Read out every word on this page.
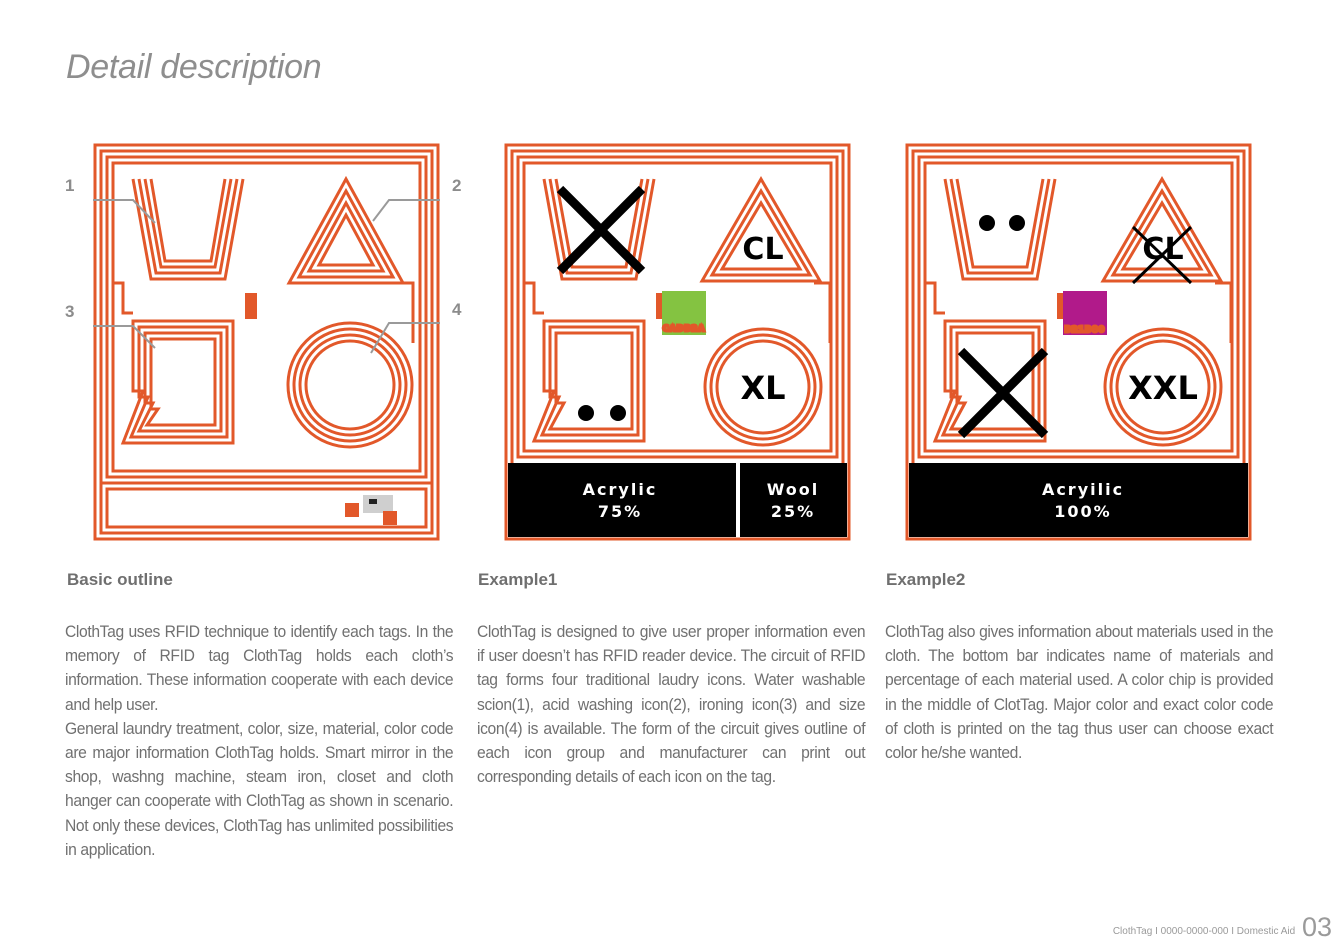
Detail description
1	2
3	4
CL
XL
CADB2A
Acrylic
75%
Wool
25%
CL
XXL
B21B80
Acryilic
100%
Basic outline

ClothTag uses RFID technique to identify each tags. In the memory of RFID tag ClothTag holds each cloth’s information. These information cooperate with each device and help user.

General laundry treatment, color, size, material, color code are major information ClothTag holds. Smart mirror in the shop, washng machine, steam iron, closet and cloth hanger can cooperate with ClothTag as shown in scenario. Not only these devices, ClothTag has unlimited possibilities in application.

Example1

ClothTag is designed to give user proper information even if user doesn’t has RFID reader device. The circuit of RFID tag forms four traditional laudry icons. Water washable scion(1), acid washing icon(2), ironing icon(3) and size icon(4) is available. The form of the circuit gives outline of each icon group and manufacturer can print out corresponding details of each icon on the tag.

Example2

ClothTag also gives information about materials used in the cloth. The bottom bar indicates name of materials and percentage of each material used. A color chip is provided in the middle of ClotTag. Major color and exact color code of cloth is printed on the tag thus user can choose exact color he/she wanted.

ClothTag I 0000-0000-000 I Domestic Aid 03
